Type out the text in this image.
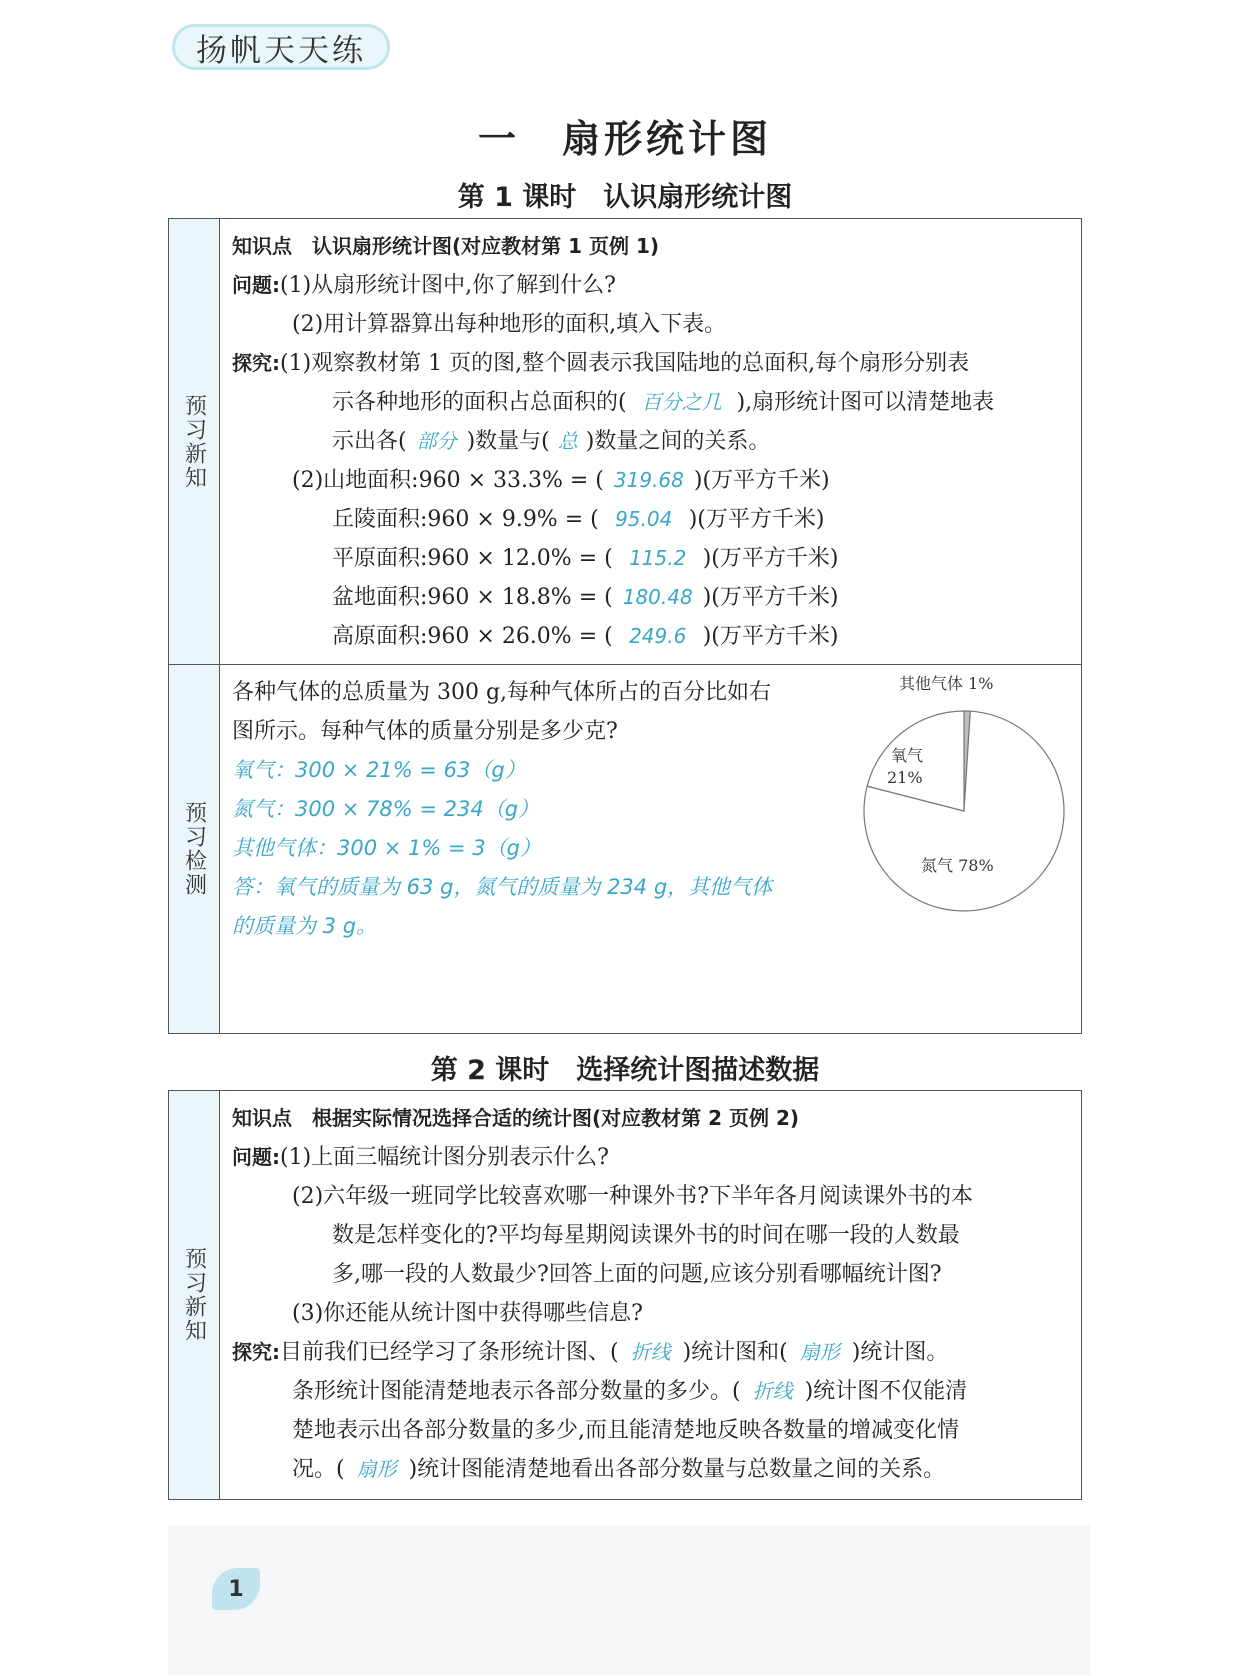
扬帆天天练
一　扇形统计图
第 1 课时　认识扇形统计图
预习新知
知识点　认识扇形统计图(对应教材第 1 页例 1)
问题:(1)从扇形统计图中,你了解到什么?
(2)用计算器算出每种地形的面积,填入下表。
探究:(1)观察教材第 1 页的图,整个圆表示我国陆地的总面积,每个扇形分别表
示各种地形的面积占总面积的( 百分之几 ),扇形统计图可以清楚地表
示出各( 部分 )数量与( 总 )数量之间的关系。
(2)山地面积:960 × 33.3% = ( 319.68 )(万平方千米)
丘陵面积:960 × 9.9% = ( 95.04 )(万平方千米)
平原面积:960 × 12.0% = ( 115.2 )(万平方千米)
盆地面积:960 × 18.8% = ( 180.48 )(万平方千米)
高原面积:960 × 26.0% = ( 249.6 )(万平方千米)
预习检测
各种气体的总质量为 300 g,每种气体所占的百分比如右
图所示。每种气体的质量分别是多少克?
氧气：300 × 21% = 63（g）
氮气：300 × 78% = 234（g）
其他气体：300 × 1% = 3（g）
答：氧气的质量为 63 g，氮气的质量为 234 g，其他气体
的质量为 3 g。
氮气 78%
氧气 21%
其他气体 1%
第 2 课时　选择统计图描述数据
预习新知
知识点　根据实际情况选择合适的统计图(对应教材第 2 页例 2)
问题:(1)上面三幅统计图分别表示什么?
(2)六年级一班同学比较喜欢哪一种课外书?下半年各月阅读课外书的本
数是怎样变化的?平均每星期阅读课外书的时间在哪一段的人数最
多,哪一段的人数最少?回答上面的问题,应该分别看哪幅统计图?
(3)你还能从统计图中获得哪些信息?
探究:目前我们已经学习了条形统计图、( 折线 )统计图和( 扇形 )统计图。
条形统计图能清楚地表示各部分数量的多少。( 折线 )统计图不仅能清
楚地表示出各部分数量的多少,而且能清楚地反映各数量的增减变化情
况。( 扇形 )统计图能清楚地看出各部分数量与总数量之间的关系。
1
